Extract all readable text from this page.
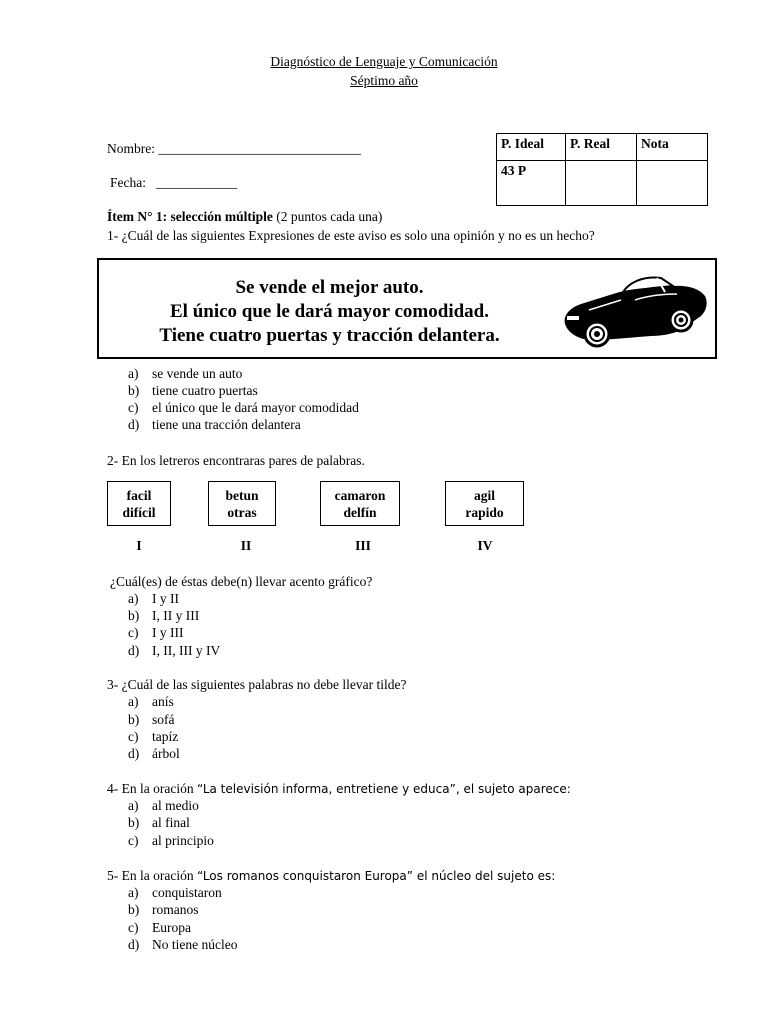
Diagnóstico de Lenguaje y Comunicación
Séptimo año
Nombre: ______________________________
Fecha:   ____________
P. Ideal	P. Real	Nota
43 P		
Ítem N° 1: selección múltiple (2 puntos cada una)
1- ¿Cuál de las siguientes Expresiones de este aviso es solo una opinión y no es un hecho?
Se vende el mejor auto.
El único que le dará mayor comodidad.
Tiene cuatro puertas y tracción delantera.
a) se vende un auto
b) tiene cuatro puertas
c) el único que le dará mayor comodidad
d) tiene una tracción delantera
2- En los letreros encontraras pares de palabras.
facil
difícil
betun
otras
camaron
delfín
agil
rapido
I	II	III	IV
¿Cuál(es) de éstas debe(n) llevar acento gráfico?
a) I y II
b) I, II y III
c) I y III
d) I, II, III y IV
3- ¿Cuál de las siguientes palabras no debe llevar tilde?
a) anís
b) sofá
c) tapíz
d) árbol
4- En la oración “La televisión informa, entretiene y educa”, el sujeto aparece:
a) al medio
b) al final
c) al principio
5- En la oración “Los romanos conquistaron Europa” el núcleo del sujeto es:
a) conquistaron
b) romanos
c) Europa
d) No tiene núcleo
